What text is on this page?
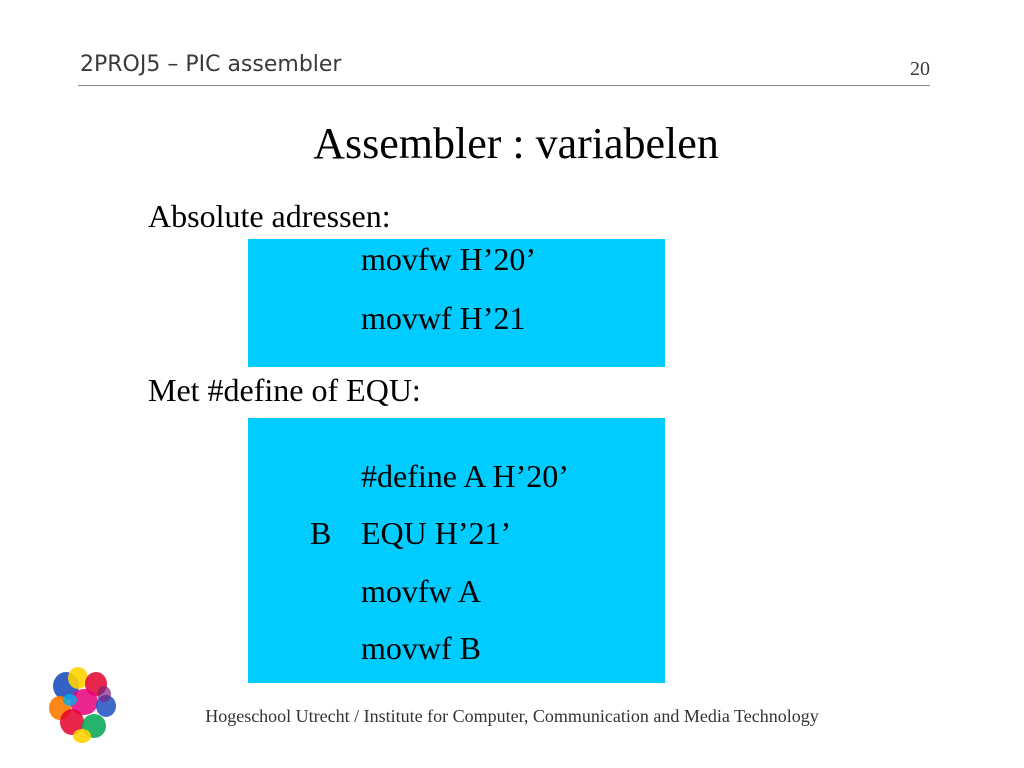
2PROJ5 – PIC assembler	20
Assembler : variabelen
Absolute adressen:
movfw H’20’
movwf H’21
Met #define of EQU:
#define A H’20’
B EQU H’21’
movfw A
movwf B
Hogeschool Utrecht / Institute for Computer, Communication and Media Technology
